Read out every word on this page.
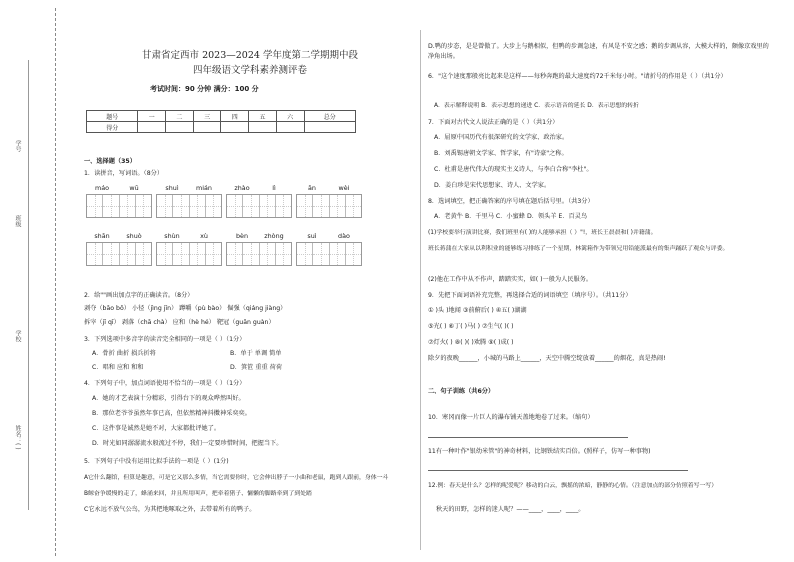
学号
班级
学校
姓名：( )
甘肃省定西市 2023—2024 学年度第二学期期中段
四年级语文学科素养测评卷
考试时间：90 分钟 满分：100 分
题号	一	二	三	四	五	六	总分
得分							
一、选择题（35）
1．读拼音，写词语。（8分）
máo	wū	shuì	mián	zhào	lì	ān	wèi
shān	shuò	shùn	xù	bèn	zhòng	suì	dào
2．给""画出加点字的正确读音。（8分）
剥夺（bāo bō） 小径（jìng jīn） 蹲嚼（pù bào） 倔强（qiáng jiàng）
拆宰（jī qī） 剥落（chā chà） 应和（hè hé） 靶冠（guān guàn）
3．下列选项中多音字的读音完全相同的一项是（ ）（1分）
A．骨折 曲折 损兵折将	B．单于 单调 简单
C．唱和 应和 和和	D．箕笸 重重 荷荷
4．下列句子中，加点词语使用不恰当的一项是（ ）（1分）
A．她的才艺表演十分精彩，引得台下的观众哗然叫好。
B．那位老爷爷虽然年事已高，但依然精神抖擞神采奕奕。
C．这件事是诚然是她不对，大家都批评她了。
D．时光如同潺潺流水般流过不停，我们一定要珍惜时间，把握当下。
5．下列句子中没有运用比拟手法的一项是（ ）(1分)
A它什么翻馆，但算是趣意，可是它又那么多情，当它需要你时，它会伸出脖子一小曲和老鼠，跑到人跟前，身体一斗
B鲸奋争缓慢的走了，蜂涌来回，并且所用叫声，把牵着猪子、慵懒的脚路牵到了到处踏
C它永远不放气公鸟，为其把地啄取之外，去带着所有的鸭子。
D.鸭的步态，是是曾傲了。大步上与鹅相似，但鸭的步调急速，有风是不安之感；鹅的步调从容，大模大样的，颇像京戏里的净角出场。
6．"这个速度那般亮比起来是这样——每秒奔跑的最大速度约72千米每小时。"请折号的作用是（ ）（共1分）
A．表示解释说明 B．表示思想的递进 C．表示语音的延长 D．表示思想的转折
7．下面对古代文人说法正确的是（ ）（共1分）
A．屈原中国历代有很深研究的文学家、政治家。
B．刘禹锡唐朝文学家、哲学家，有"诗豪"之称。
C．杜甫是唐代伟大的现实主义诗人，与李白合称"李杜"。
D．姜白珍是宋代思想家、诗人、文学家。
8．选词填空，把正确答案的序号填在题后括号里。（共3分）
A．老黄牛 B．千里马 C．小蜜蜂 D．领头羊 E．百灵鸟
(1)学校要举行演讲比赛，我们班里有( )的人能够承担（ ）"!，班长王晨晨和( )并籍蒲。
班长蒋蒲在大家从以利积业的能够练习排练了一个星期，林篱箱作为带领兄用铅能派最有的集声踊跃了观众与评委。
(2)他在工作中从不作声，踏踏实实，如( )一般为人民服务。
9．先把下面词语补充完整，再选择合适的词语填空（填序号）。（共11分）
① )头 )地闻 ③前俯后( ) ④五( )湖湖
⑤光( ) ⑥丁( )马( ) ⑦生气( )( )
⑦灯火( ) ⑧( )( )欢腾 ⑨( )成( )
除夕的夜晚______，小城的马路上______，天空中腾空绽放着______的烟花，真是热闹!
二、句子训练（共6分）
10．寒冈而像一片巨人的瀑布铺天盖地地卷了过来。（缩句）
11有一种叶作"银幼米管"的神奇材料，比钢铁结实百倍。(照样子，仿写一种事物)
12.例：春天是什么？怎样的呢爱呢？移动的白云，飘摇的浓暗，静静的心情。（注意加点的部分仿照着写一写）
秋天的田野，怎样的迷人呢？——____，____，____。
